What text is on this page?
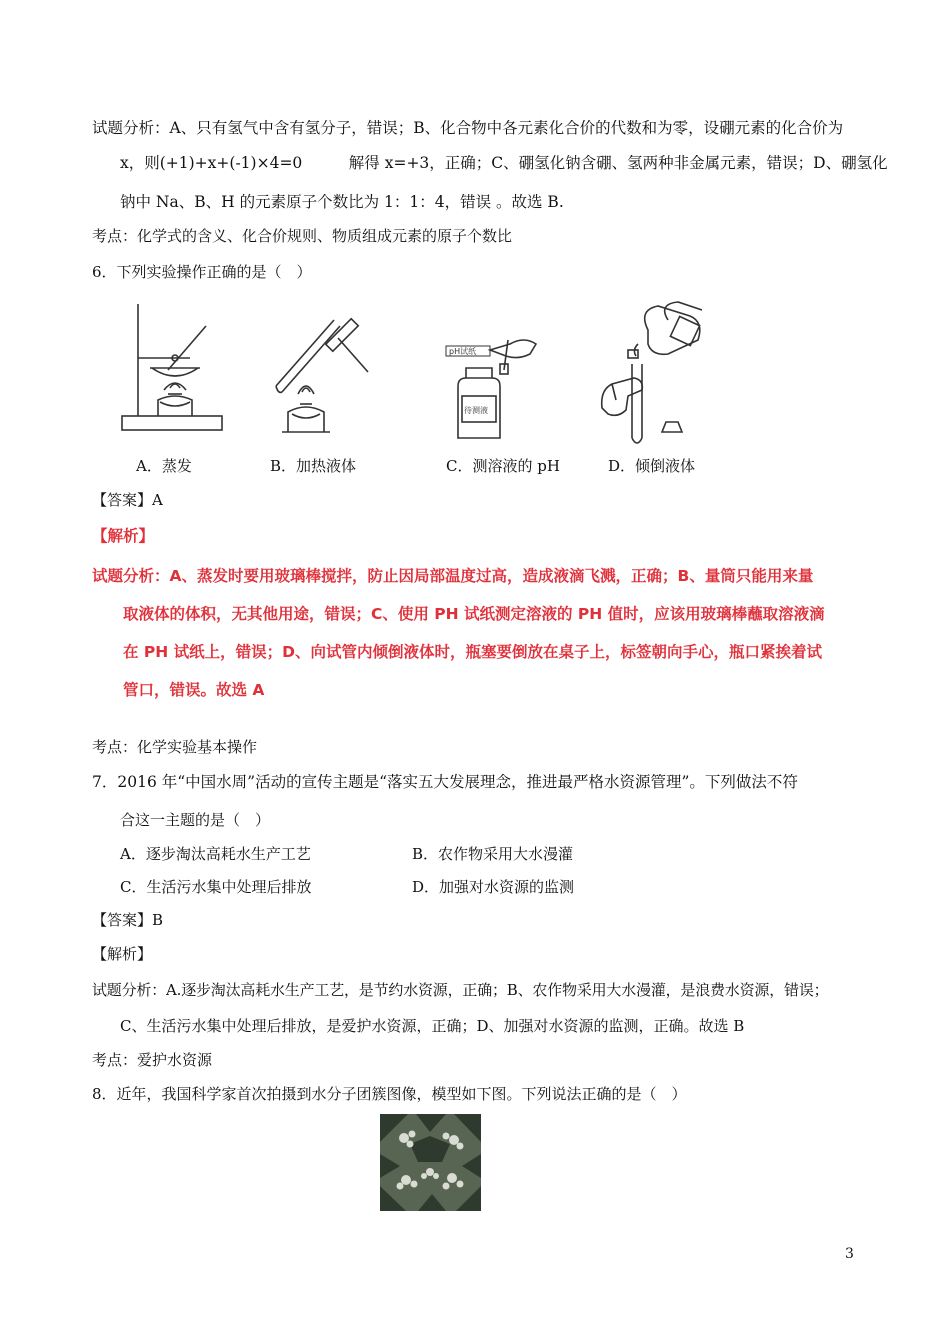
试题分析：A、只有氢气中含有氢分子，错误；B、化合物中各元素化合价的代数和为零，设硼元素的化合价为
x，则(+1)+x+(-1)×4=0　　　解得 x=+3，正确；C、硼氢化钠含硼、氢两种非金属元素，错误；D、硼氢化
钠中 Na、B、H 的元素原子个数比为 1：1：4，错误 。故选 B.
考点：化学式的含义、化合价规则、物质组成元素的原子个数比
6．下列实验操作正确的是（　）
pH试纸
待测液
A．蒸发	B．加热液体	C．测溶液的 pH	D．倾倒液体
【答案】A
【解析】
试题分析：A、蒸发时要用玻璃棒搅拌，防止因局部温度过高，造成液滴飞溅，正确；B、量筒只能用来量
取液体的体积，无其他用途，错误；C、使用 PH 试纸测定溶液的 PH 值时，应该用玻璃棒蘸取溶液滴
在 PH 试纸上，错误；D、向试管内倾倒液体时，瓶塞要倒放在桌子上，标签朝向手心，瓶口紧挨着试
管口，错误。故选 A
考点：化学实验基本操作
7．2016 年“中国水周”活动的宣传主题是“落实五大发展理念，推进最严格水资源管理”。下列做法不符
合这一主题的是（　）
A．逐步淘汰高耗水生产工艺	B．农作物采用大水漫灌
C．生活污水集中处理后排放	D．加强对水资源的监测
【答案】B
【解析】
试题分析：A.逐步淘汰高耗水生产工艺，是节约水资源，正确；B、农作物采用大水漫灌，是浪费水资源，错误；
C、生活污水集中处理后排放，是爱护水资源，正确；D、加强对水资源的监测，正确。故选 B
考点：爱护水资源
8．近年，我国科学家首次拍摄到水分子团簇图像，模型如下图。下列说法正确的是（　）
3
